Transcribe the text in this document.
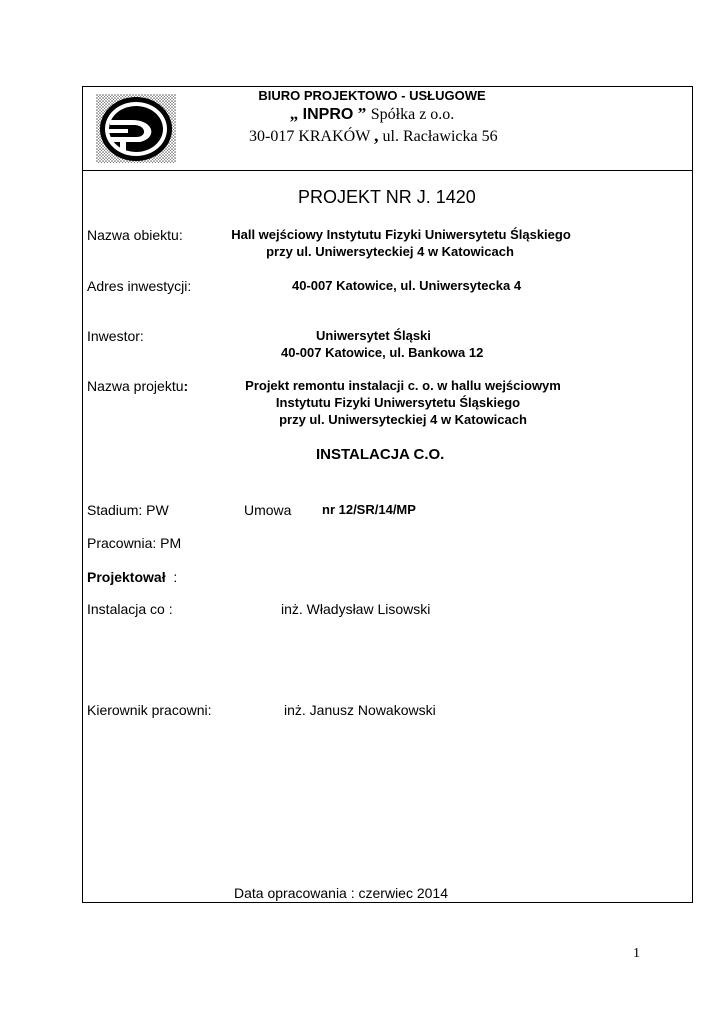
BIURO PROJEKTOWO - USŁUGOWE
„ INPRO ” Spółka z o.o.
30-017 KRAKÓW , ul. Racławicka 56
PROJEKT NR J. 1420
Nazwa obiektu:	Hall wejściowy Instytutu Fizyki Uniwersytetu Śląskiego
przy ul. Uniwersyteckiej 4 w Katowicach
Adres inwestycji:	40-007 Katowice, ul. Uniwersytecka 4
Inwestor:	Uniwersytet Śląski
40-007 Katowice, ul. Bankowa 12
Nazwa projektu:	Projekt remontu instalacji c. o. w hallu wejściowym
Instytutu Fizyki Uniwersytetu Śląskiego
przy ul. Uniwersyteckiej 4 w Katowicach
INSTALACJA C.O.
Stadium: PW	Umowa nr 12/SR/14/MP
Pracownia: PM
Projektował :
Instalacja co :	inż. Władysław Lisowski
Kierownik pracowni:	inż. Janusz Nowakowski
Data opracowania : czerwiec 2014
1
